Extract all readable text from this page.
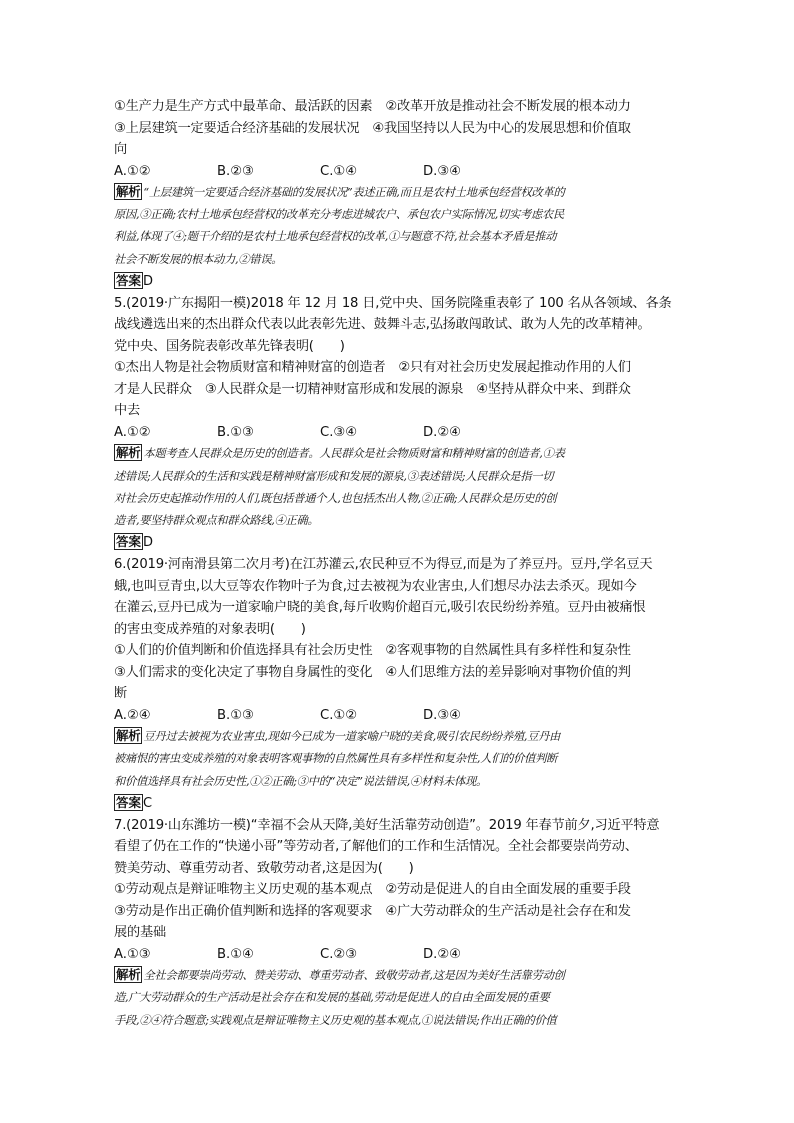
①生产力是生产方式中最革命、最活跃的因素　②改革开放是推动社会不断发展的根本动力
③上层建筑一定要适合经济基础的发展状况　④我国坚持以人民为中心的发展思想和价值取
向
A.①②	B.②③	C.①④	D.③④
解析 “上层建筑一定要适合经济基础的发展状况”表述正确,而且是农村土地承包经营权改革的
原因,③正确;农村土地承包经营权的改革充分考虑进城农户、承包农户实际情况,切实考虑农民
利益,体现了④;题干介绍的是农村土地承包经营权的改革,①与题意不符,社会基本矛盾是推动
社会不断发展的根本动力,②错误。
答案 D
5.(2019·广东揭阳一模)2018 年 12 月 18 日,党中央、国务院隆重表彰了 100 名从各领域、各条
战线遴选出来的杰出群众代表以此表彰先进、鼓舞斗志,弘扬敢闯敢试、敢为人先的改革精神。
党中央、国务院表彰改革先锋表明(　　)
①杰出人物是社会物质财富和精神财富的创造者　②只有对社会历史发展起推动作用的人们
才是人民群众　③人民群众是一切精神财富形成和发展的源泉　④坚持从群众中来、到群众
中去
A.①②	B.①③	C.③④	D.②④
解析 本题考查人民群众是历史的创造者。人民群众是社会物质财富和精神财富的创造者,①表
述错误;人民群众的生活和实践是精神财富形成和发展的源泉,③表述错误;人民群众是指一切
对社会历史起推动作用的人们,既包括普通个人,也包括杰出人物,②正确;人民群众是历史的创
造者,要坚持群众观点和群众路线,④正确。
答案 D
6.(2019·河南滑县第二次月考)在江苏灌云,农民种豆不为得豆,而是为了养豆丹。豆丹,学名豆天
蛾,也叫豆青虫,以大豆等农作物叶子为食,过去被视为农业害虫,人们想尽办法去杀灭。现如今
在灌云,豆丹已成为一道家喻户晓的美食,每斤收购价超百元,吸引农民纷纷养殖。豆丹由被痛恨
的害虫变成养殖的对象表明(　　)
①人们的价值判断和价值选择具有社会历史性　②客观事物的自然属性具有多样性和复杂性
③人们需求的变化决定了事物自身属性的变化　④人们思维方法的差异影响对事物价值的判
断
A.②④	B.①③	C.①②	D.③④
解析 豆丹过去被视为农业害虫,现如今已成为一道家喻户晓的美食,吸引农民纷纷养殖,豆丹由
被痛恨的害虫变成养殖的对象表明客观事物的自然属性具有多样性和复杂性,人们的价值判断
和价值选择具有社会历史性,①②正确;③中的“决定”说法错误,④材料未体现。
答案 C
7.(2019·山东潍坊一模)“幸福不会从天降,美好生活靠劳动创造”。2019 年春节前夕,习近平特意
看望了仍在工作的“快递小哥”等劳动者,了解他们的工作和生活情况。全社会都要崇尚劳动、
赞美劳动、尊重劳动者、致敬劳动者,这是因为(　　)
①劳动观点是辩证唯物主义历史观的基本观点　②劳动是促进人的自由全面发展的重要手段
③劳动是作出正确价值判断和选择的客观要求　④广大劳动群众的生产活动是社会存在和发
展的基础
A.①③	B.①④	C.②③	D.②④
解析 全社会都要崇尚劳动、赞美劳动、尊重劳动者、致敬劳动者,这是因为美好生活靠劳动创
造,广大劳动群众的生产活动是社会存在和发展的基础,劳动是促进人的自由全面发展的重要
手段,②④符合题意;实践观点是辩证唯物主义历史观的基本观点,①说法错误;作出正确的价值
